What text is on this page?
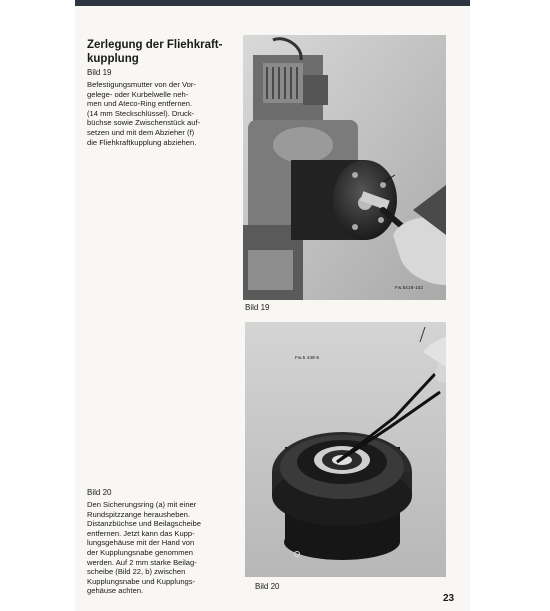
Zerlegung der Fliehkraft-
kupplung
Bild 19
Befestigungsmutter von der Vor-
gelege- oder Kurbelwelle neh-
men und Ateco-Ring entfernen.
(14 mm Steckschlüssel). Druck-
büchse sowie Zwischenstück auf-
setzen und mit dem Abzieher (f)
die Fliehkraftkupplung abziehen.
Fw.5418-102
Bild 19
Fw.5 448-5
Bild 20
Bild 20
Den Sicherungsring (a) mit einer
Rundspitzzange herausheben.
Distanzbüchse und Beilagscheibe
entfernen. Jetzt kann das Kupp-
lungsgehäuse mit der Hand von
der Kupplungsnabe genommen
werden. Auf 2 mm starke Beilag-
scheibe (Bild 22, b) zwischen
Kupplungsnabe und Kupplungs-
gehäuse achten.
23
